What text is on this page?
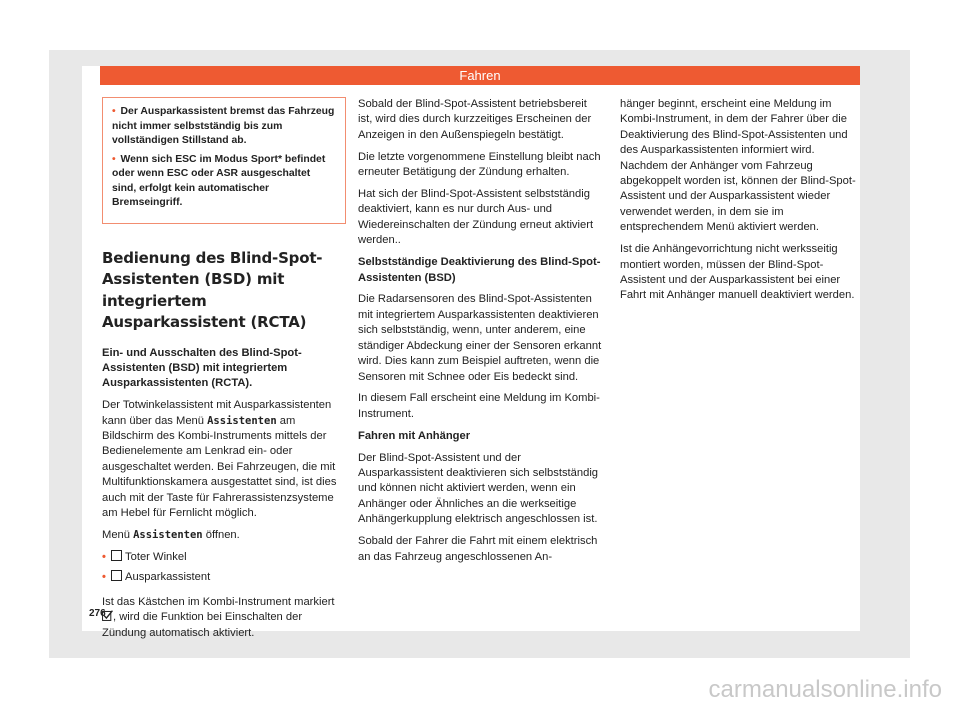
Fahren
• Der Ausparkassistent bremst das Fahrzeug nicht immer selbstständig bis zum vollständigen Stillstand ab.
• Wenn sich ESC im Modus Sport* befindet oder wenn ESC oder ASR ausgeschaltet sind, erfolgt kein automatischer Bremseingriff.
Bedienung des Blind-Spot-Assistenten (BSD) mit integriertem Ausparkassistent (RCTA)

Ein- und Ausschalten des Blind-Spot-Assistenten (BSD) mit integriertem Ausparkassistenten (RCTA).

Der Totwinkelassistent mit Ausparkassistenten kann über das Menü Assistenten am Bildschirm des Kombi-Instruments mittels der Bedienelemente am Lenkrad ein- oder ausgeschaltet werden. Bei Fahrzeugen, die mit Multifunktionskamera ausgestattet sind, ist dies auch mit der Taste für Fahrerassistenzsysteme am Hebel für Fernlicht möglich.

Menü Assistenten öffnen.

• Toter Winkel
• Ausparkassistent

Ist das Kästchen im Kombi-Instrument markiert , wird die Funktion bei Einschalten der Zündung automatisch aktiviert.

Sobald der Blind-Spot-Assistent betriebsbereit ist, wird dies durch kurzzeitiges Erscheinen der Anzeigen in den Außenspiegeln bestätigt.

Die letzte vorgenommene Einstellung bleibt nach erneuter Betätigung der Zündung erhalten.

Hat sich der Blind-Spot-Assistent selbstständig deaktiviert, kann es nur durch Aus- und Wiedereinschalten der Zündung erneut aktiviert werden..

Selbstständige Deaktivierung des Blind-Spot-Assistenten (BSD)

Die Radarsensoren des Blind-Spot-Assistenten mit integriertem Ausparkassistenten deaktivieren sich selbstständig, wenn, unter anderem, eine ständiger Abdeckung einer der Sensoren erkannt wird. Dies kann zum Beispiel auftreten, wenn die Sensoren mit Schnee oder Eis bedeckt sind.

In diesem Fall erscheint eine Meldung im Kombi-Instrument.

Fahren mit Anhänger

Der Blind-Spot-Assistent und der Ausparkassistent deaktivieren sich selbstständig und können nicht aktiviert werden, wenn ein Anhänger oder Ähnliches an die werkseitige Anhängerkupplung elektrisch angeschlossen ist.

Sobald der Fahrer die Fahrt mit einem elektrisch an das Fahrzeug angeschlossenen An-

hänger beginnt, erscheint eine Meldung im Kombi-Instrument, in dem der Fahrer über die Deaktivierung des Blind-Spot-Assistenten und des Ausparkassistenten informiert wird. Nachdem der Anhänger vom Fahrzeug abgekoppelt worden ist, können der Blind-Spot-Assistent und der Ausparkassistent wieder verwendet werden, in dem sie im entsprechendem Menü aktiviert werden.

Ist die Anhängevorrichtung nicht werksseitig montiert worden, müssen der Blind-Spot-Assistent und der Ausparkassistent bei einer Fahrt mit Anhänger manuell deaktiviert werden.

276
carmanualsonline.info
